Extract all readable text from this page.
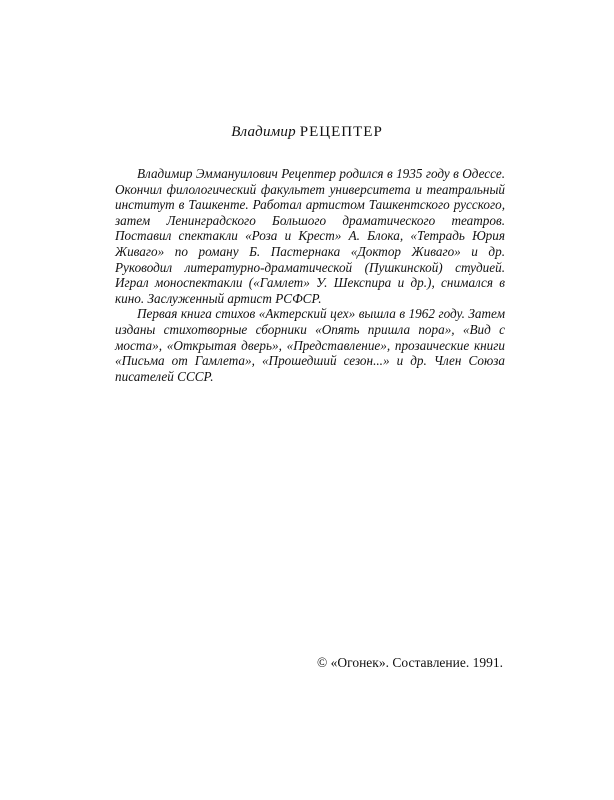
Владимир РЕЦЕПТЕР

Владимир Эммануилович Рецептер родился в 1935 году в Одессе. Окончил филологический факультет университета и театральный институт в Ташкенте. Работал артистом Ташкентского русского, затем Ленинградского Большого драматического театров. Поставил спектакли «Роза и Крест» А. Блока, «Тетрадь Юрия Живаго» по роману Б. Пастернака «Доктор Живаго» и др. Руководил литературно-драматической (Пушкинской) студией. Играл моноспектакли («Гамлет» У. Шекспира и др.), снимался в кино. Заслуженный артист РСФСР.

Первая книга стихов «Актерский цех» вышла в 1962 году. Затем изданы стихотворные сборники «Опять пришла пора», «Вид с моста», «Открытая дверь», «Представление», прозаические книги «Письма от Гамлета», «Прошедший сезон...» и др. Член Союза писателей СССР.

© «Огонек». Составление. 1991.
